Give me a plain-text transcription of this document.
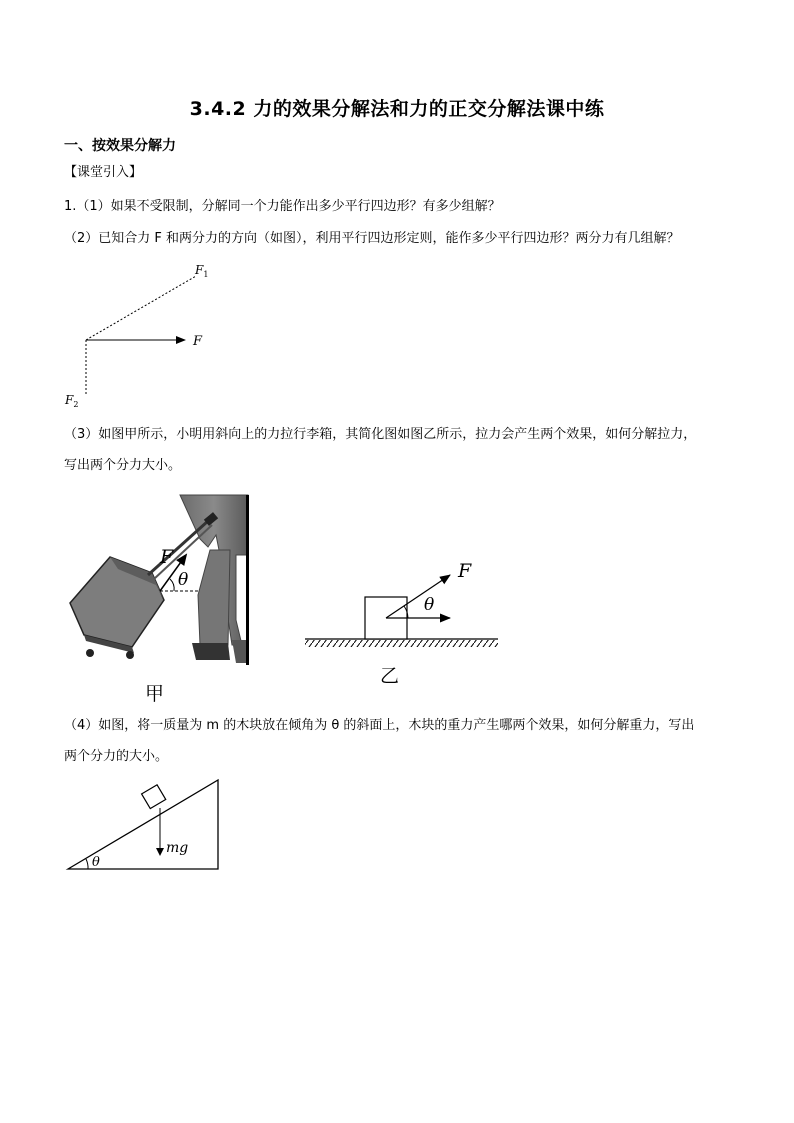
3.4.2 力的效果分解法和力的正交分解法课中练
一、按效果分解力
【课堂引入】
1.（1）如果不受限制，分解同一个力能作出多少平行四边形？有多少组解？
（2）已知合力 F 和两分力的方向（如图），利用平行四边形定则，能作多少平行四边形？两分力有几组解？
F
$F_1$
$F_2$
（3）如图甲所示，小明用斜向上的力拉行李箱，其简化图如图乙所示，拉力会产生两个效果，如何分解拉力，
写出两个分力大小。
F
θ
甲
F
θ
乙
（4）如图，将一质量为 m 的木块放在倾角为 θ 的斜面上，木块的重力产生哪两个效果，如何分解重力，写出
两个分力的大小。
mg
θ
